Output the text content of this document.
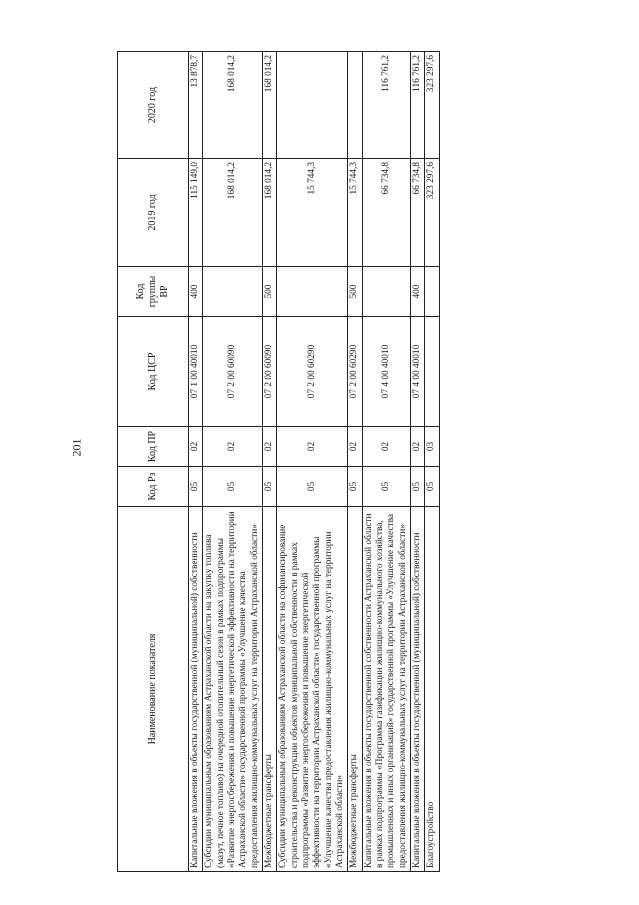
201
Наименование показателя	Код Рз	Код ПР	Код ЦСР	Код группы ВР	2019 год	2020 год
Капитальные вложения в объекты государственной (муниципальной) собственности	05	02	07 1 00 40010	400	115 149,0	13 878,7
Субсидии муниципальным образованиям Астраханской области на закупку топлива (мазут, печное топливо) на очередной отопительный сезон в рамках подпрограммы «Развитие энергосбережения и повышение энергетической эффективности на территории Астраханской области» государственной программы «Улучшение качества предоставления жилищно-коммунальных услуг на территории Астраханской области»	05	02	07 2 00 60090		168 014,2	168 014,2
Межбюджетные трансферты	05	02	07 2 00 60090	500	168 014,2	168 014,2
Субсидии муниципальным образованиям Астраханской области на софинансирование строительства и реконструкции объектов муниципальной собственности в рамках подпрограммы «Развитие энергосбережения и повышение энергетической эффективности на территории Астраханской области» государственной программы «Улучшение качества предоставления жилищно-коммунальных услуг на территории Астраханской области»	05	02	07 2 00 60290		15 744,3	
Межбюджетные трансферты	05	02	07 2 00 60290	500	15 744,3	
Капитальные вложения в объекты государственной собственности Астраханской области в рамках подпрограммы «Программа газификации жилищно-коммунального хозяйства, промышленных и иных организаций» государственной программы «Улучшение качества предоставления жилищно-коммунальных услуг на территории Астраханской области»	05	02	07 4 00 40010		66 734,8	116 761,2
Капитальные вложения в объекты государственной (муниципальной) собственности	05	02	07 4 00 40010	400	66 734,8	116 761,2
Благоустройство	05	03			323 297,6	323 297,6
